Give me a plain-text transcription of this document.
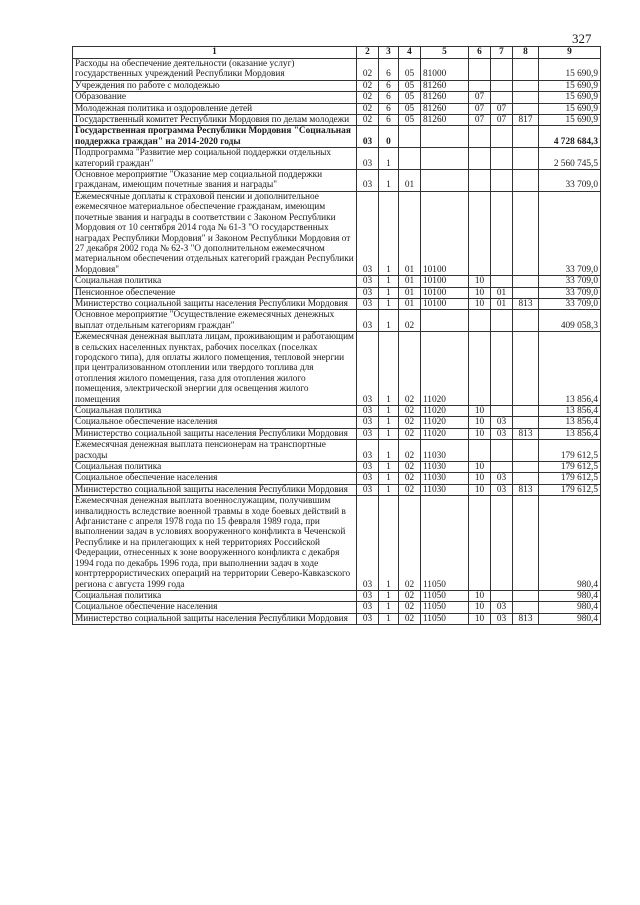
327
1	2	3	4	5	6	7	8	9
Расходы на обеспечение деятельности (оказание услуг) государственных учреждений Республики Мордовия	02	6	05	81000				15 690,9
Учреждения по работе с молодежью	02	6	05	81260				15 690,9
Образование	02	6	05	81260	07			15 690,9
Молодежная политика и оздоровление детей	02	6	05	81260	07	07		15 690,9
Государственный комитет Республики Мордовия по делам молодежи	02	6	05	81260	07	07	817	15 690,9
Государственная программа Республики Мордовия "Социальная поддержка граждан" на 2014-2020 годы	03	0						4 728 684,3
Подпрограмма "Развитие мер социальной поддержки отдельных категорий граждан"	03	1						2 560 745,5
Основное мероприятие "Оказание мер социальной поддержки гражданам, имеющим почетные звания и награды"	03	1	01					33 709,0
Ежемесячные доплаты к страховой пенсии и дополнительное ежемесячное материальное обеспечение гражданам, имеющим почетные звания и награды в соответствии с Законом Республики Мордовия от 10 сентября 2014 года № 61-З "О государственных наградах Республики Мордовия" и Законом Республики Мордовия от 27 декабря 2002 года № 62-З "О дополнительном ежемесячном материальном обеспечении отдельных категорий граждан Республики Мордовия"	03	1	01	10100				33 709,0
Социальная политика	03	1	01	10100	10			33 709,0
Пенсионное обеспечение	03	1	01	10100	10	01		33 709,0
Министерство социальной защиты населения Республики Мордовия	03	1	01	10100	10	01	813	33 709,0
Основное мероприятие "Осуществление ежемесячных денежных выплат отдельным категориям граждан"	03	1	02					409 058,3
Ежемесячная денежная выплата лицам, проживающим и работающим в сельских населенных пунктах, рабочих поселках (поселках городского типа), для оплаты жилого помещения, тепловой энергии при централизованном отоплении или твердого топлива для отопления жилого помещения, газа для отопления жилого помещения, электрической энергии для освещения жилого помещения	03	1	02	11020				13 856,4
Социальная политика	03	1	02	11020	10			13 856,4
Социальное обеспечение населения	03	1	02	11020	10	03		13 856,4
Министерство социальной защиты населения Республики Мордовия	03	1	02	11020	10	03	813	13 856,4
Ежемесячная денежная выплата пенсионерам на транспортные расходы	03	1	02	11030				179 612,5
Социальная политика	03	1	02	11030	10			179 612,5
Социальное обеспечение населения	03	1	02	11030	10	03		179 612,5
Министерство социальной защиты населения Республики Мордовия	03	1	02	11030	10	03	813	179 612,5
Ежемесячная денежная выплата военнослужащим, получившим инвалидность вследствие военной травмы в ходе боевых действий в Афганистане с апреля 1978 года по 15 февраля 1989 года, при выполнении задач в условиях вооруженного конфликта в Чеченской Республике и на прилегающих к ней территориях Российской Федерации, отнесенных к зоне вооруженного конфликта с декабря 1994 года по декабрь 1996 года, при выполнении задач в ходе контртеррористических операций на территории Северо-Кавказского региона с августа 1999 года	03	1	02	11050				980,4
Социальная политика	03	1	02	11050	10			980,4
Социальное обеспечение населения	03	1	02	11050	10	03		980,4
Министерство социальной защиты населения Республики Мордовия	03	1	02	11050	10	03	813	980,4
